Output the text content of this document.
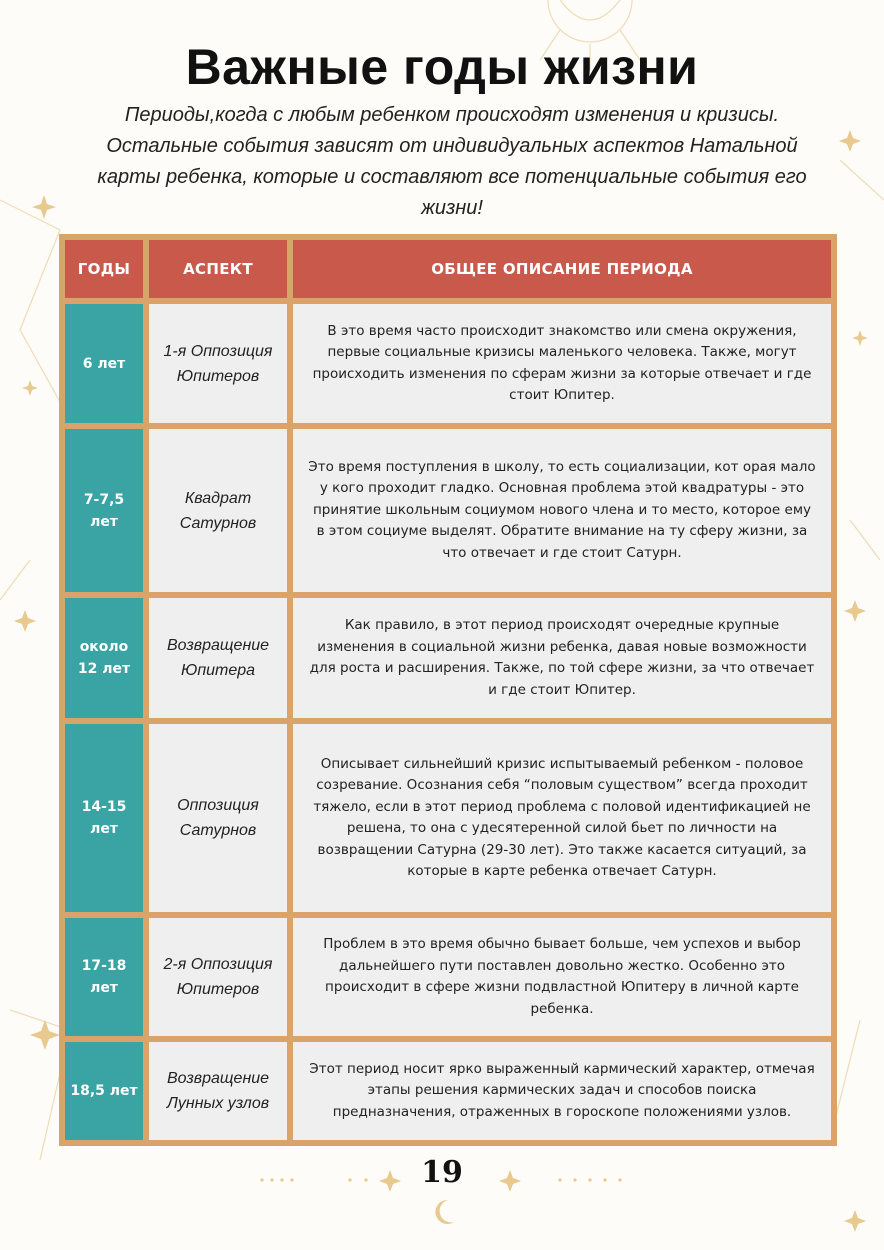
Важные годы жизни

Периоды,когда с любым ребенком происходят изменения и кризисы. Остальные события зависят от индивидуальных аспектов Натальной карты ребенка, которые и составляют все потенциальные события его жизни!

ГОДЫ	АСПЕКТ	ОБЩЕЕ ОПИСАНИЕ ПЕРИОДА
6 лет
1-я Оппозиция Юпитеров
В это время часто происходит знакомство или смена окружения, первые социальные кризисы маленького человека. Также, могут происходить изменения по сферам жизни за которые отвечает и где стоит Юпитер.
7-7,5 лет
Квадрат Сатурнов
Это время поступления в школу, то есть социализации, кот орая мало у кого проходит гладко. Основная проблема этой квадратуры - это принятие школьным социумом нового члена и то место, которое ему в этом социуме выделят. Обратите внимание на ту сферу жизни, за что отвечает и где стоит Сатурн.
около 12 лет
Возвращение Юпитера
Как правило, в этот период происходят очередные крупные изменения в социальной жизни ребенка, давая новые возможности для роста и расширения. Также, по той сфере жизни, за что отвечает и где стоит Юпитер.
14-15 лет
Оппозиция Сатурнов
Описывает сильнейший кризис испытываемый ребенком - половое созревание. Осознания себя “половым существом” всегда проходит тяжело, если в этот период проблема с половой идентификацией не решена, то она с удесятеренной силой бьет по личности на возвращении Сатурна (29-30 лет). Это также касается ситуаций, за которые в карте ребенка отвечает Сатурн.
17-18 лет
2-я Оппозиция Юпитеров
Проблем в это время обычно бывает больше, чем успехов и выбор дальнейшего пути поставлен довольно жестко. Особенно это происходит в сфере жизни подвластной Юпитеру в личной карте ребенка.
18,5 лет
Возвращение Лунных узлов
Этот период носит ярко выраженный кармический характер, отмечая этапы решения кармических задач и способов поиска предназначения, отраженных в гороскопе положениями узлов.
19
